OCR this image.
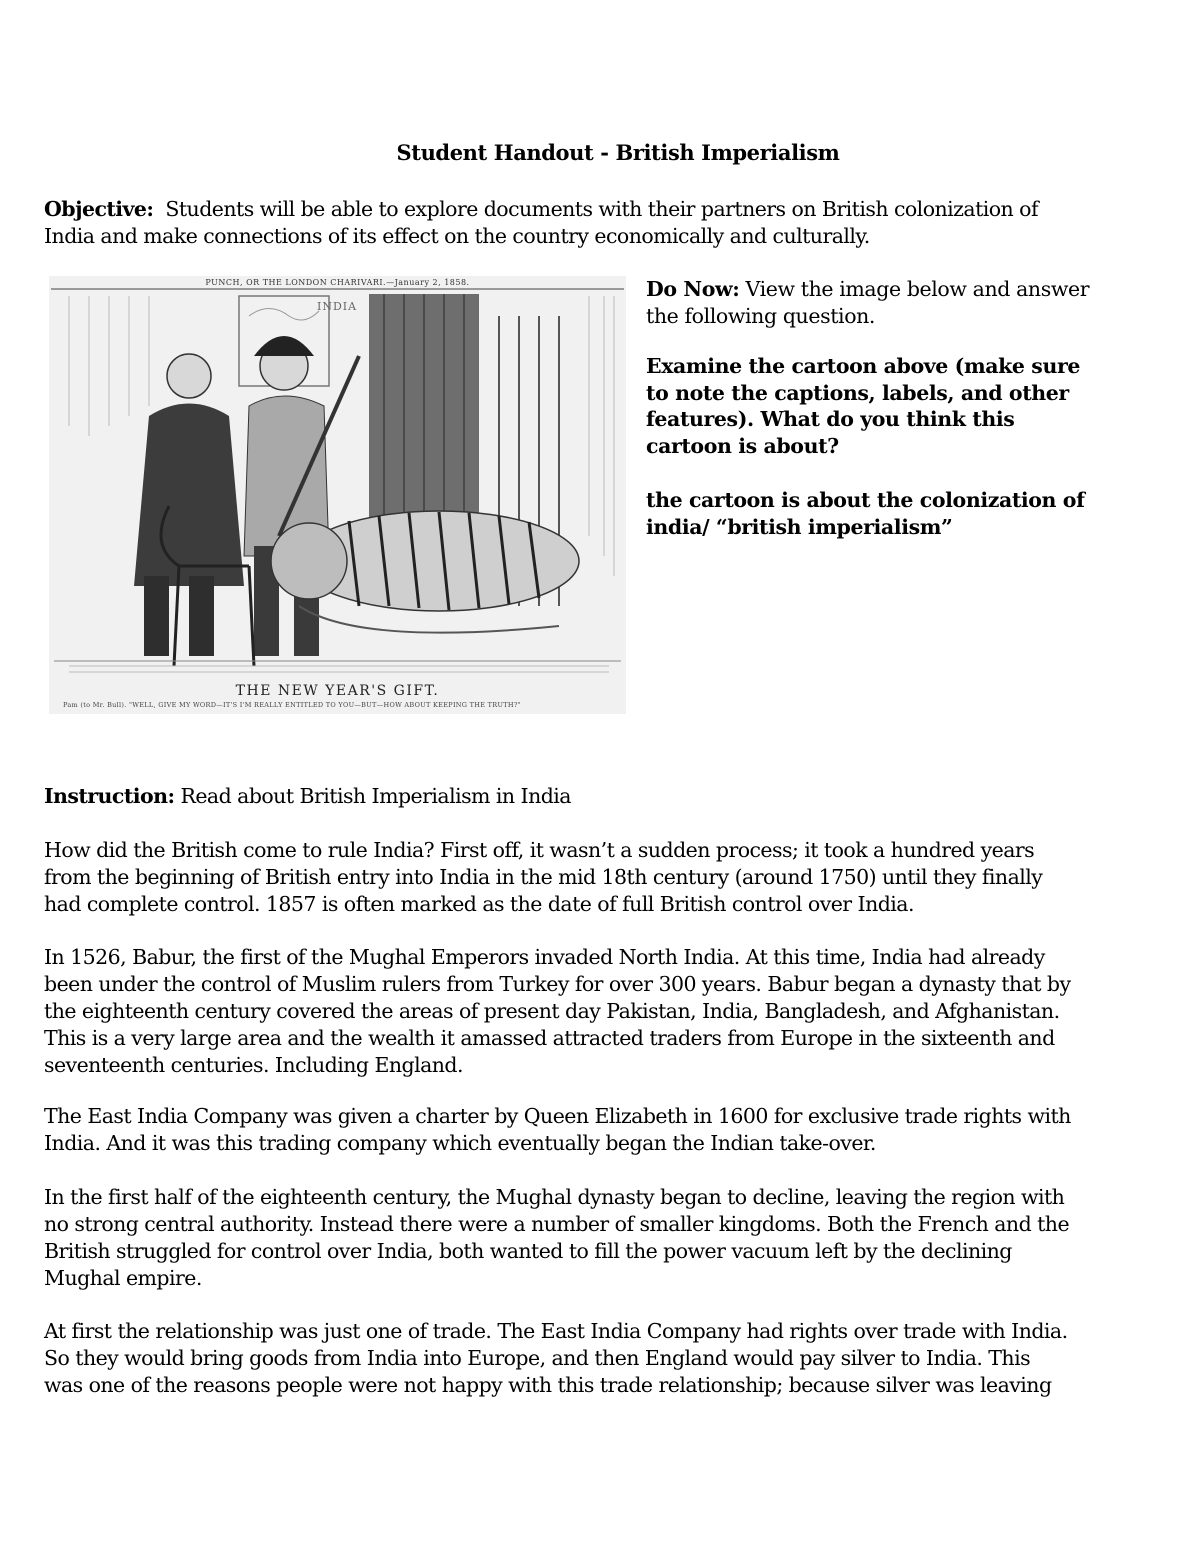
Student Handout - British Imperialism
Objective: Students will be able to explore documents with their partners on British colonization of
India and make connections of its effect on the country economically and culturally.
PUNCH, OR THE LONDON CHARIVARI.—January 2, 1858.
INDIA
THE NEW YEAR'S GIFT.
Pam (to Mr. Bull). "WELL, GIVE MY WORD—IT'S I'M REALLY ENTITLED TO YOU—BUT—HOW ABOUT KEEPING THE TRUTH?"
Do Now: View the image below and answer
the following question.
Examine the cartoon above (make sure
to note the captions, labels, and other
features). What do you think this
cartoon is about?
the cartoon is about the colonization of
india/ “british imperialism”
Instruction: Read about British Imperialism in India
How did the British come to rule India? First off, it wasn’t a sudden process; it took a hundred years
from the beginning of British entry into India in the mid 18th century (around 1750) until they finally
had complete control. 1857 is often marked as the date of full British control over India.
In 1526, Babur, the first of the Mughal Emperors invaded North India. At this time, India had already
been under the control of Muslim rulers from Turkey for over 300 years. Babur began a dynasty that by
the eighteenth century covered the areas of present day Pakistan, India, Bangladesh, and Afghanistan.
This is a very large area and the wealth it amassed attracted traders from Europe in the sixteenth and
seventeenth centuries. Including England.
The East India Company was given a charter by Queen Elizabeth in 1600 for exclusive trade rights with
India. And it was this trading company which eventually began the Indian take-over.
In the first half of the eighteenth century, the Mughal dynasty began to decline, leaving the region with
no strong central authority. Instead there were a number of smaller kingdoms. Both the French and the
British struggled for control over India, both wanted to fill the power vacuum left by the declining
Mughal empire.
At first the relationship was just one of trade. The East India Company had rights over trade with India.
So they would bring goods from India into Europe, and then England would pay silver to India. This
was one of the reasons people were not happy with this trade relationship; because silver was leaving
